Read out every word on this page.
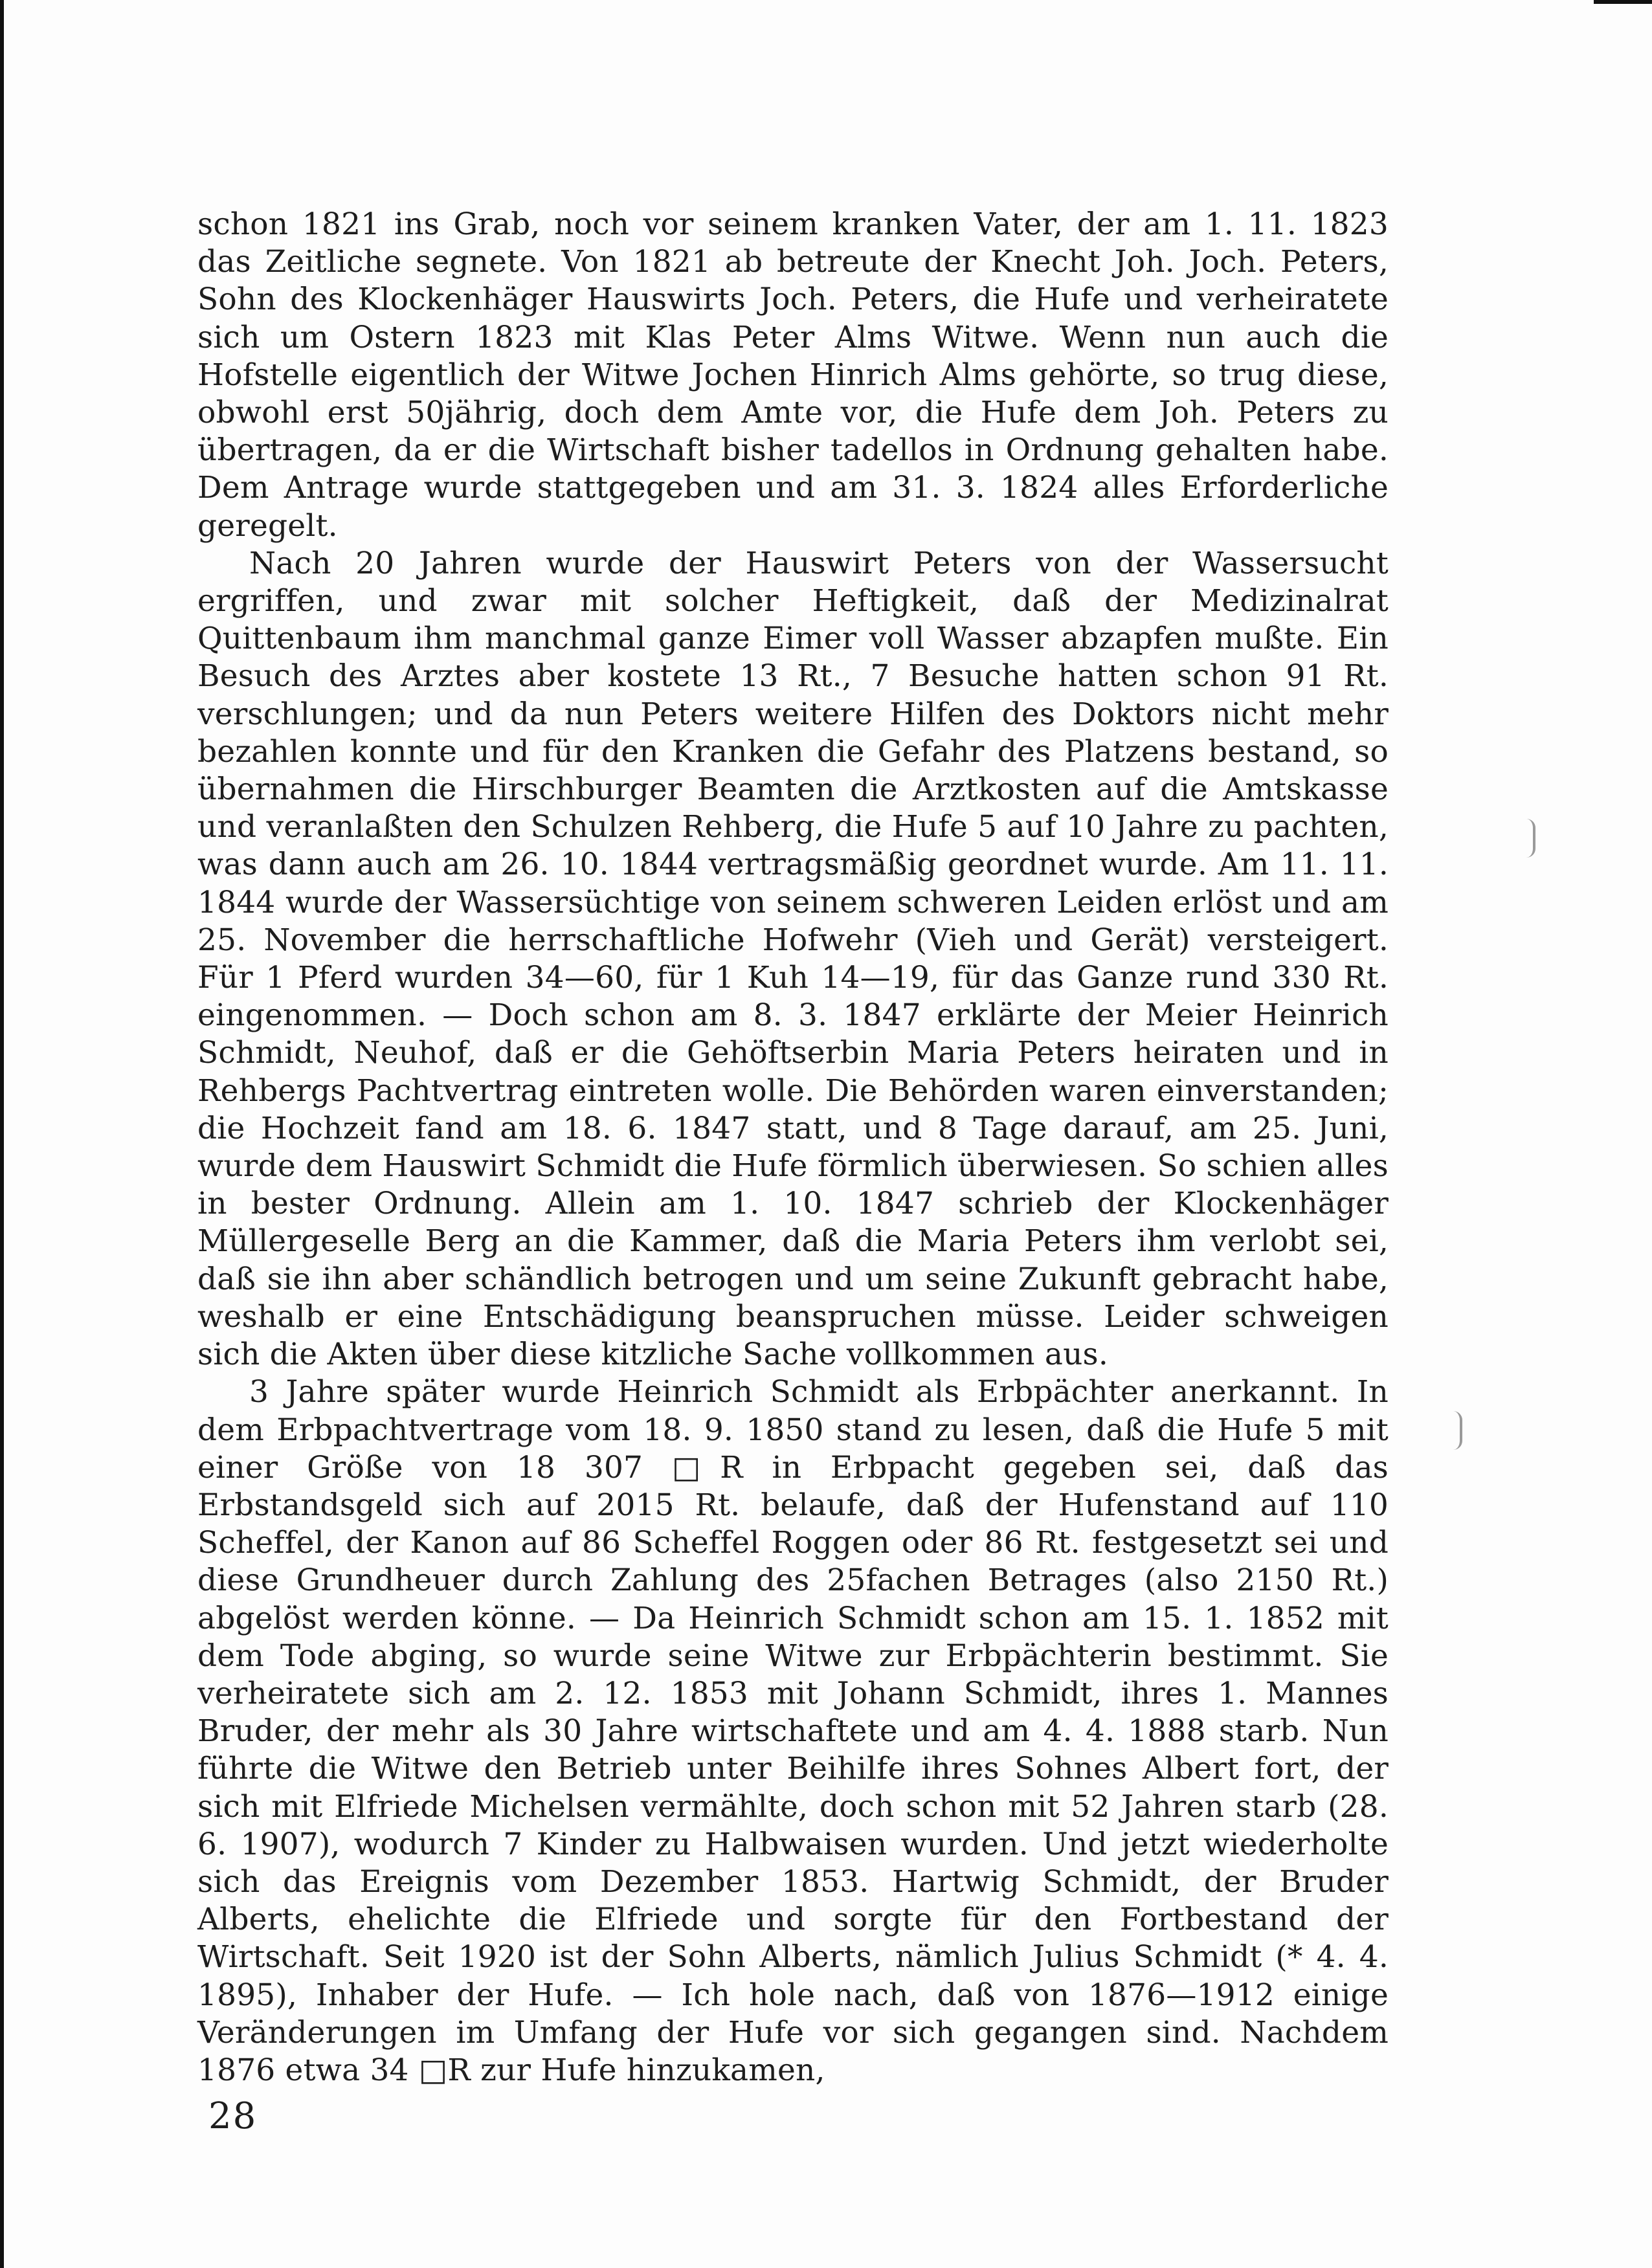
schon 1821 ins Grab, noch vor seinem kranken Vater, der am 1. 11. 1823 das Zeitliche segnete. Von 1821 ab betreute der Knecht Joh. Joch. Peters, Sohn des Klockenhäger Hauswirts Joch. Peters, die Hufe und verheiratete sich um Ostern 1823 mit Klas Peter Alms Witwe. Wenn nun auch die Hofstelle eigentlich der Witwe Jochen Hinrich Alms gehörte, so trug diese, obwohl erst 50jährig, doch dem Amte vor, die Hufe dem Joh. Peters zu übertragen, da er die Wirtschaft bisher tadellos in Ordnung gehalten habe. Dem Antrage wurde stattgegeben und am 31. 3. 1824 alles Erforderliche geregelt.

Nach 20 Jahren wurde der Hauswirt Peters von der Wassersucht ergriffen, und zwar mit solcher Heftigkeit, daß der Medizinalrat Quittenbaum ihm manchmal ganze Eimer voll Wasser abzapfen mußte. Ein Besuch des Arztes aber kostete 13 Rt., 7 Besuche hatten schon 91 Rt. verschlungen; und da nun Peters weitere Hilfen des Doktors nicht mehr bezahlen konnte und für den Kranken die Gefahr des Platzens bestand, so übernahmen die Hirschburger Beamten die Arztkosten auf die Amtskasse und veranlaßten den Schulzen Rehberg, die Hufe 5 auf 10 Jahre zu pachten, was dann auch am 26. 10. 1844 vertragsmäßig geordnet wurde. Am 11. 11. 1844 wurde der Wassersüchtige von seinem schweren Leiden erlöst und am 25. November die herrschaftliche Hofwehr (Vieh und Gerät) versteigert. Für 1 Pferd wurden 34—60, für 1 Kuh 14—19, für das Ganze rund 330 Rt. eingenommen. — Doch schon am 8. 3. 1847 erklärte der Meier Heinrich Schmidt, Neuhof, daß er die Gehöftserbin Maria Peters heiraten und in Rehbergs Pachtvertrag eintreten wolle. Die Behörden waren einverstanden; die Hochzeit fand am 18. 6. 1847 statt, und 8 Tage darauf, am 25. Juni, wurde dem Hauswirt Schmidt die Hufe förmlich überwiesen. So schien alles in bester Ordnung. Allein am 1. 10. 1847 schrieb der Klockenhäger Müllergeselle Berg an die Kammer, daß die Maria Peters ihm verlobt sei, daß sie ihn aber schändlich betrogen und um seine Zukunft gebracht habe, weshalb er eine Entschädigung beanspruchen müsse. Leider schweigen sich die Akten über diese kitzliche Sache vollkommen aus.

3 Jahre später wurde Heinrich Schmidt als Erbpächter anerkannt. In dem Erbpachtvertrage vom 18. 9. 1850 stand zu lesen, daß die Hufe 5 mit einer Größe von 18 307 □R in Erbpacht gegeben sei, daß das Erbstandsgeld sich auf 2015 Rt. belaufe, daß der Hufenstand auf 110 Scheffel, der Kanon auf 86 Scheffel Roggen oder 86 Rt. festgesetzt sei und diese Grundheuer durch Zahlung des 25fachen Betrages (also 2150 Rt.) abgelöst werden könne. — Da Heinrich Schmidt schon am 15. 1. 1852 mit dem Tode abging, so wurde seine Witwe zur Erbpächterin bestimmt. Sie verheiratete sich am 2. 12. 1853 mit Johann Schmidt, ihres 1. Mannes Bruder, der mehr als 30 Jahre wirtschaftete und am 4. 4. 1888 starb. Nun führte die Witwe den Betrieb unter Beihilfe ihres Sohnes Albert fort, der sich mit Elfriede Michelsen vermählte, doch schon mit 52 Jahren starb (28. 6. 1907), wodurch 7 Kinder zu Halbwaisen wurden. Und jetzt wiederholte sich das Ereignis vom Dezember 1853. Hartwig Schmidt, der Bruder Alberts, ehelichte die Elfriede und sorgte für den Fortbestand der Wirtschaft. Seit 1920 ist der Sohn Alberts, nämlich Julius Schmidt (* 4. 4. 1895), Inhaber der Hufe. — Ich hole nach, daß von 1876—1912 einige Veränderungen im Umfang der Hufe vor sich gegangen sind. Nachdem 1876 etwa 34 □R zur Hufe hinzukamen,

28
